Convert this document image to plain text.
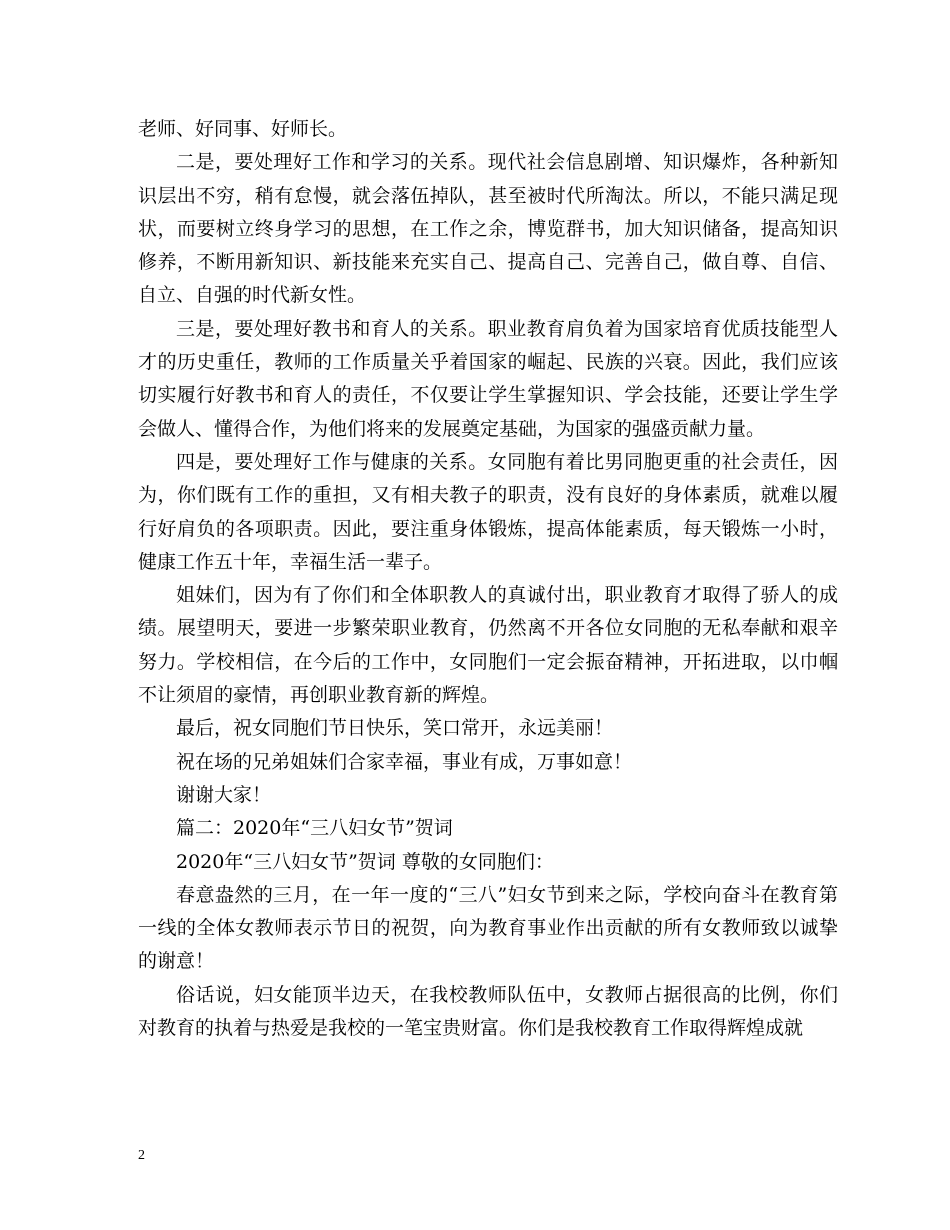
老师、好同事、好师长。

二是，要处理好工作和学习的关系。现代社会信息剧增、知识爆炸，各种新知识层出不穷，稍有怠慢，就会落伍掉队，甚至被时代所淘汰。所以，不能只满足现状，而要树立终身学习的思想，在工作之余，博览群书，加大知识储备，提高知识修养，不断用新知识、新技能来充实自己、提高自己、完善自己，做自尊、自信、自立、自强的时代新女性。

三是，要处理好教书和育人的关系。职业教育肩负着为国家培育优质技能型人才的历史重任，教师的工作质量关乎着国家的崛起、民族的兴衰。因此，我们应该切实履行好教书和育人的责任，不仅要让学生掌握知识、学会技能，还要让学生学会做人、懂得合作，为他们将来的发展奠定基础，为国家的强盛贡献力量。

四是，要处理好工作与健康的关系。女同胞有着比男同胞更重的社会责任，因为，你们既有工作的重担，又有相夫教子的职责，没有良好的身体素质，就难以履行好肩负的各项职责。因此，要注重身体锻炼，提高体能素质，每天锻炼一小时，健康工作五十年，幸福生活一辈子。

姐妹们，因为有了你们和全体职教人的真诚付出，职业教育才取得了骄人的成绩。展望明天，要进一步繁荣职业教育，仍然离不开各位女同胞的无私奉献和艰辛努力。学校相信，在今后的工作中，女同胞们一定会振奋精神，开拓进取，以巾帼不让须眉的豪情，再创职业教育新的辉煌。

最后，祝女同胞们节日快乐，笑口常开，永远美丽！

祝在场的兄弟姐妹们合家幸福，事业有成，万事如意！

谢谢大家！

篇二：2020年“三八妇女节”贺词

2020年“三八妇女节”贺词 尊敬的女同胞们：

春意盎然的三月，在一年一度的“三八”妇女节到来之际，学校向奋斗在教育第一线的全体女教师表示节日的祝贺，向为教育事业作出贡献的所有女教师致以诚挚的谢意！

俗话说，妇女能顶半边天，在我校教师队伍中，女教师占据很高的比例，你们对教育的执着与热爱是我校的一笔宝贵财富。你们是我校教育工作取得辉煌成就

2
